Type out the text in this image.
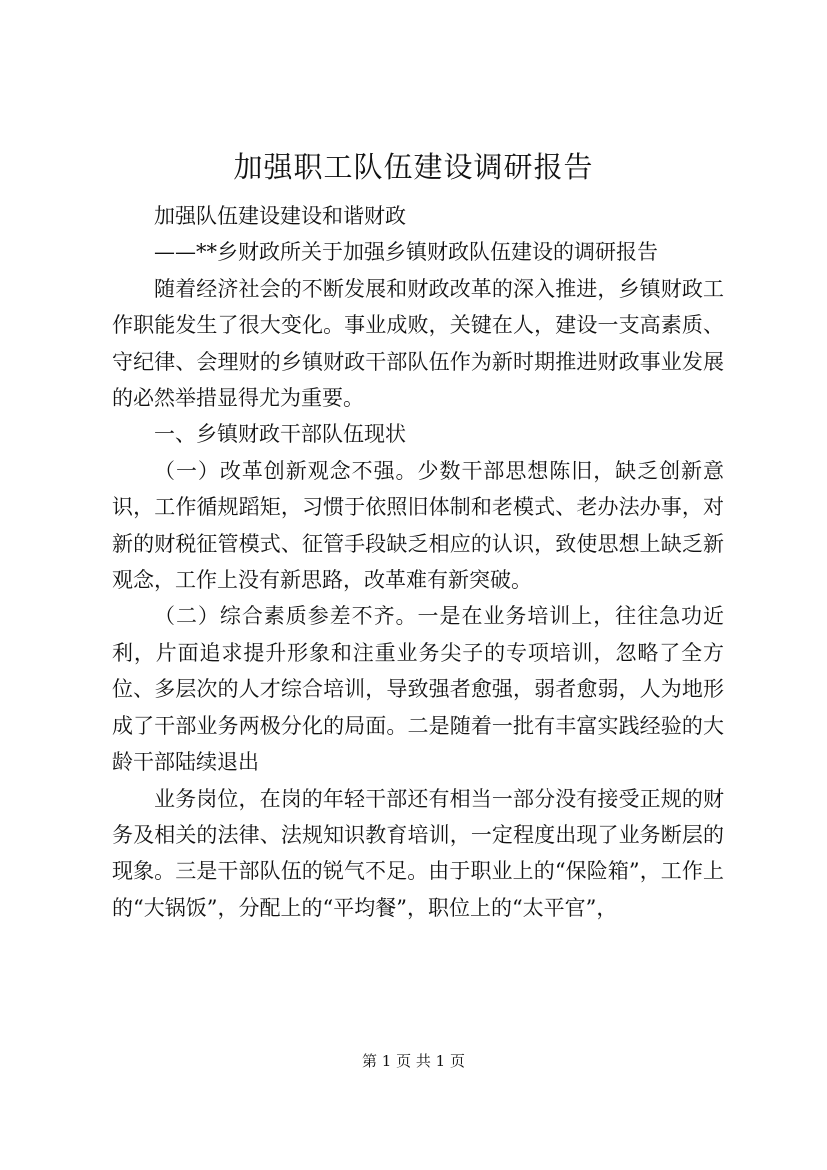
加强职工队伍建设调研报告

加强队伍建设建设和谐财政

——**乡财政所关于加强乡镇财政队伍建设的调研报告

随着经济社会的不断发展和财政改革的深入推进，乡镇财政工作职能发生了很大变化。事业成败，关键在人，建设一支高素质、守纪律、会理财的乡镇财政干部队伍作为新时期推进财政事业发展的必然举措显得尤为重要。

一、乡镇财政干部队伍现状

（一）改革创新观念不强。少数干部思想陈旧，缺乏创新意识，工作循规蹈矩，习惯于依照旧体制和老模式、老办法办事，对新的财税征管模式、征管手段缺乏相应的认识，致使思想上缺乏新观念，工作上没有新思路，改革难有新突破。

（二）综合素质参差不齐。一是在业务培训上，往往急功近利，片面追求提升形象和注重业务尖子的专项培训，忽略了全方位、多层次的人才综合培训，导致强者愈强，弱者愈弱，人为地形成了干部业务两极分化的局面。二是随着一批有丰富实践经验的大龄干部陆续退出

业务岗位，在岗的年轻干部还有相当一部分没有接受正规的财务及相关的法律、法规知识教育培训，一定程度出现了业务断层的现象。三是干部队伍的锐气不足。由于职业上的“保险箱”，工作上的“大锅饭”，分配上的“平均餐”，职位上的“太平官”，

第 1 页 共 1 页
